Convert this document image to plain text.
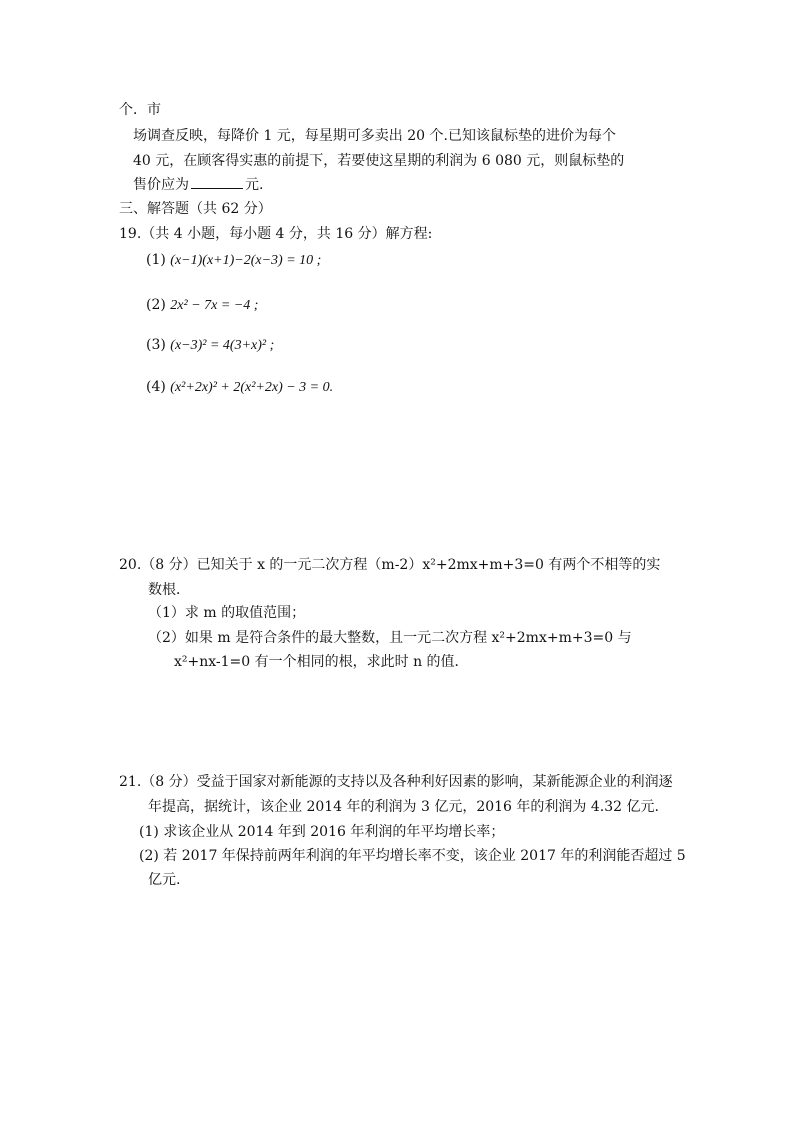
个．市
场调查反映，每降价 1 元，每星期可多卖出 20 个.已知该鼠标垫的进价为每个
40 元，在顾客得实惠的前提下，若要使这星期的利润为 6 080 元，则鼠标垫的
售价应为	元.
三、解答题（共 62 分）
19.（共 4 小题，每小题 4 分，共 16 分）解方程:
(1) (x−1)(x+1)−2(x−3) = 10 ;
(2) 2x² − 7x = −4 ;
(3) (x−3)² = 4(3+x)² ;
(4) (x²+2x)² + 2(x²+2x) − 3 = 0.
20.（8 分）已知关于 x 的一元二次方程（m-2）x²+2mx+m+3=0 有两个不相等的实
数根．
（1）求 m 的取值范围；
（2）如果 m 是符合条件的最大整数，且一元二次方程 x²+2mx+m+3=0 与
x²+nx-1=0 有一个相同的根，求此时 n 的值．
21.（8 分）受益于国家对新能源的支持以及各种利好因素的影响，某新能源企业的利润逐
年提高，据统计，该企业 2014 年的利润为 3 亿元，2016 年的利润为 4.32 亿元.
(1) 求该企业从 2014 年到 2016 年利润的年平均增长率；
(2) 若 2017 年保持前两年利润的年平均增长率不变，该企业 2017 年的利润能否超过 5
亿元.
